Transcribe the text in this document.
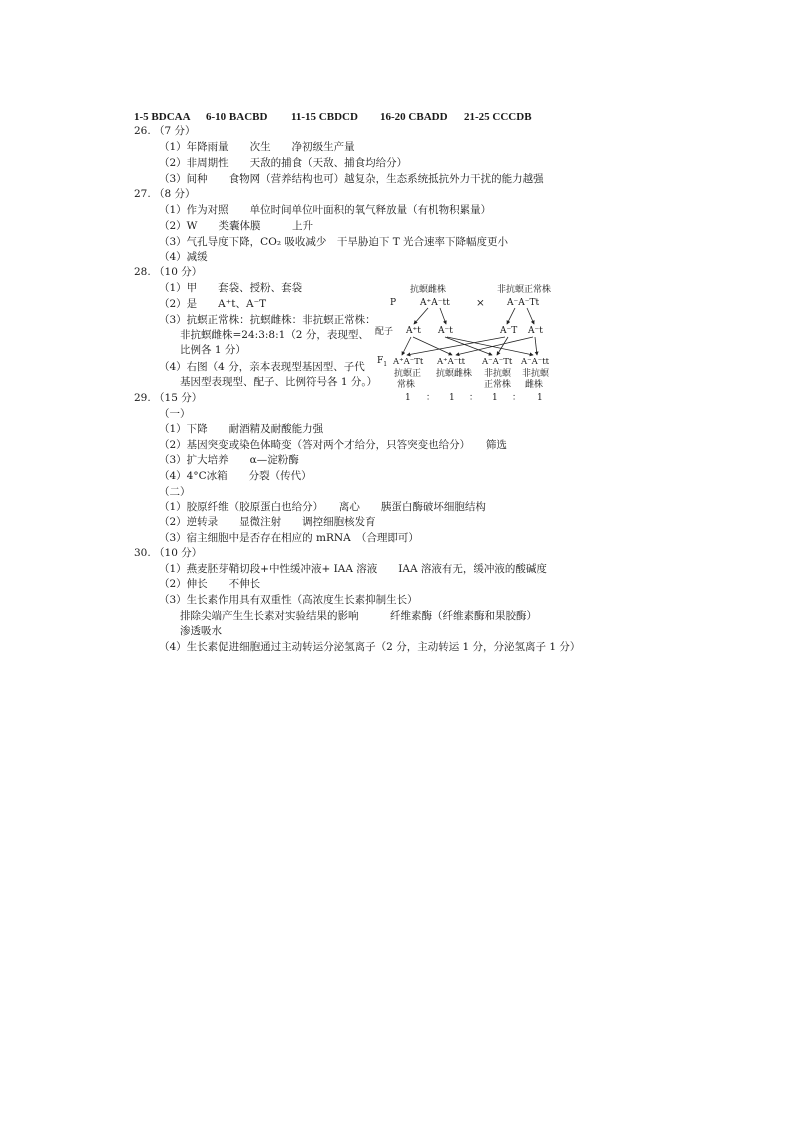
1-5 BDCAA 6-10 BACBD 11-15 CBDCD 16-20 CBADD 21-25 CCCDB
26. （7 分）
（1）年降雨量　　次生　　净初级生产量
（2）非周期性　　天敌的捕食（天敌、捕食均给分）
（3）间种　　食物网（营养结构也可）越复杂，生态系统抵抗外力干扰的能力越强
27. （8 分）
（1）作为对照　　单位时间单位叶面积的氧气释放量（有机物积累量）
（2）W　　类囊体膜　　　上升
（3）气孔导度下降，CO₂ 吸收减少　干旱胁迫下 T 光合速率下降幅度更小
（4）减缓
28. （10 分）
（1）甲　　套袋、授粉、套袋
（2）是　　A⁺t、A⁻T
（3）抗螟正常株：抗螟雌株：非抗螟正常株：
非抗螟雌株=24:3:8:1（2 分，表现型、
比例各 1 分）
（4）右图（4 分，亲本表现型基因型、子代
基因型表现型、配子、比例符号各 1 分。）
抗螟雌株	非抗螟正常株
P	A⁺A⁻tt	× A⁻A⁻Tt
配子 A⁺t A⁻t	A⁻T A⁻t
$F_1$ A⁺A⁻Tt A⁺A⁻tt A⁻A⁻Tt A⁻A⁻tt
抗螟正
常株
抗螟雌株 非抗螟
正常株
非抗螟
雌株
1 ： 1 ： 1 ： 1
29. （15 分）
（一）
（1）下降　　耐酒精及耐酸能力强
（2）基因突变或染色体畸变（答对两个才给分，只答突变也给分）　　筛选
（3）扩大培养　　α—淀粉酶
（4）4°C冰箱　　分裂（传代）
（二）
（1）胶原纤维（胶原蛋白也给分）　　离心　　胰蛋白酶破坏细胞结构
（2）逆转录　　显微注射　　调控细胞核发育
（3）宿主细胞中是否存在相应的 mRNA　（合理即可）
30. （10 分）
（1）燕麦胚芽鞘切段+中性缓冲液+ IAA 溶液　　IAA 溶液有无，缓冲液的酸碱度
（2）伸长　　不伸长
（3）生长素作用具有双重性（高浓度生长素抑制生长）
排除尖端产生生长素对实验结果的影响　　　纤维素酶（纤维素酶和果胶酶）
渗透吸水
（4）生长素促进细胞通过主动转运分泌氢离子（2 分，主动转运 1 分，分泌氢离子 1 分）
